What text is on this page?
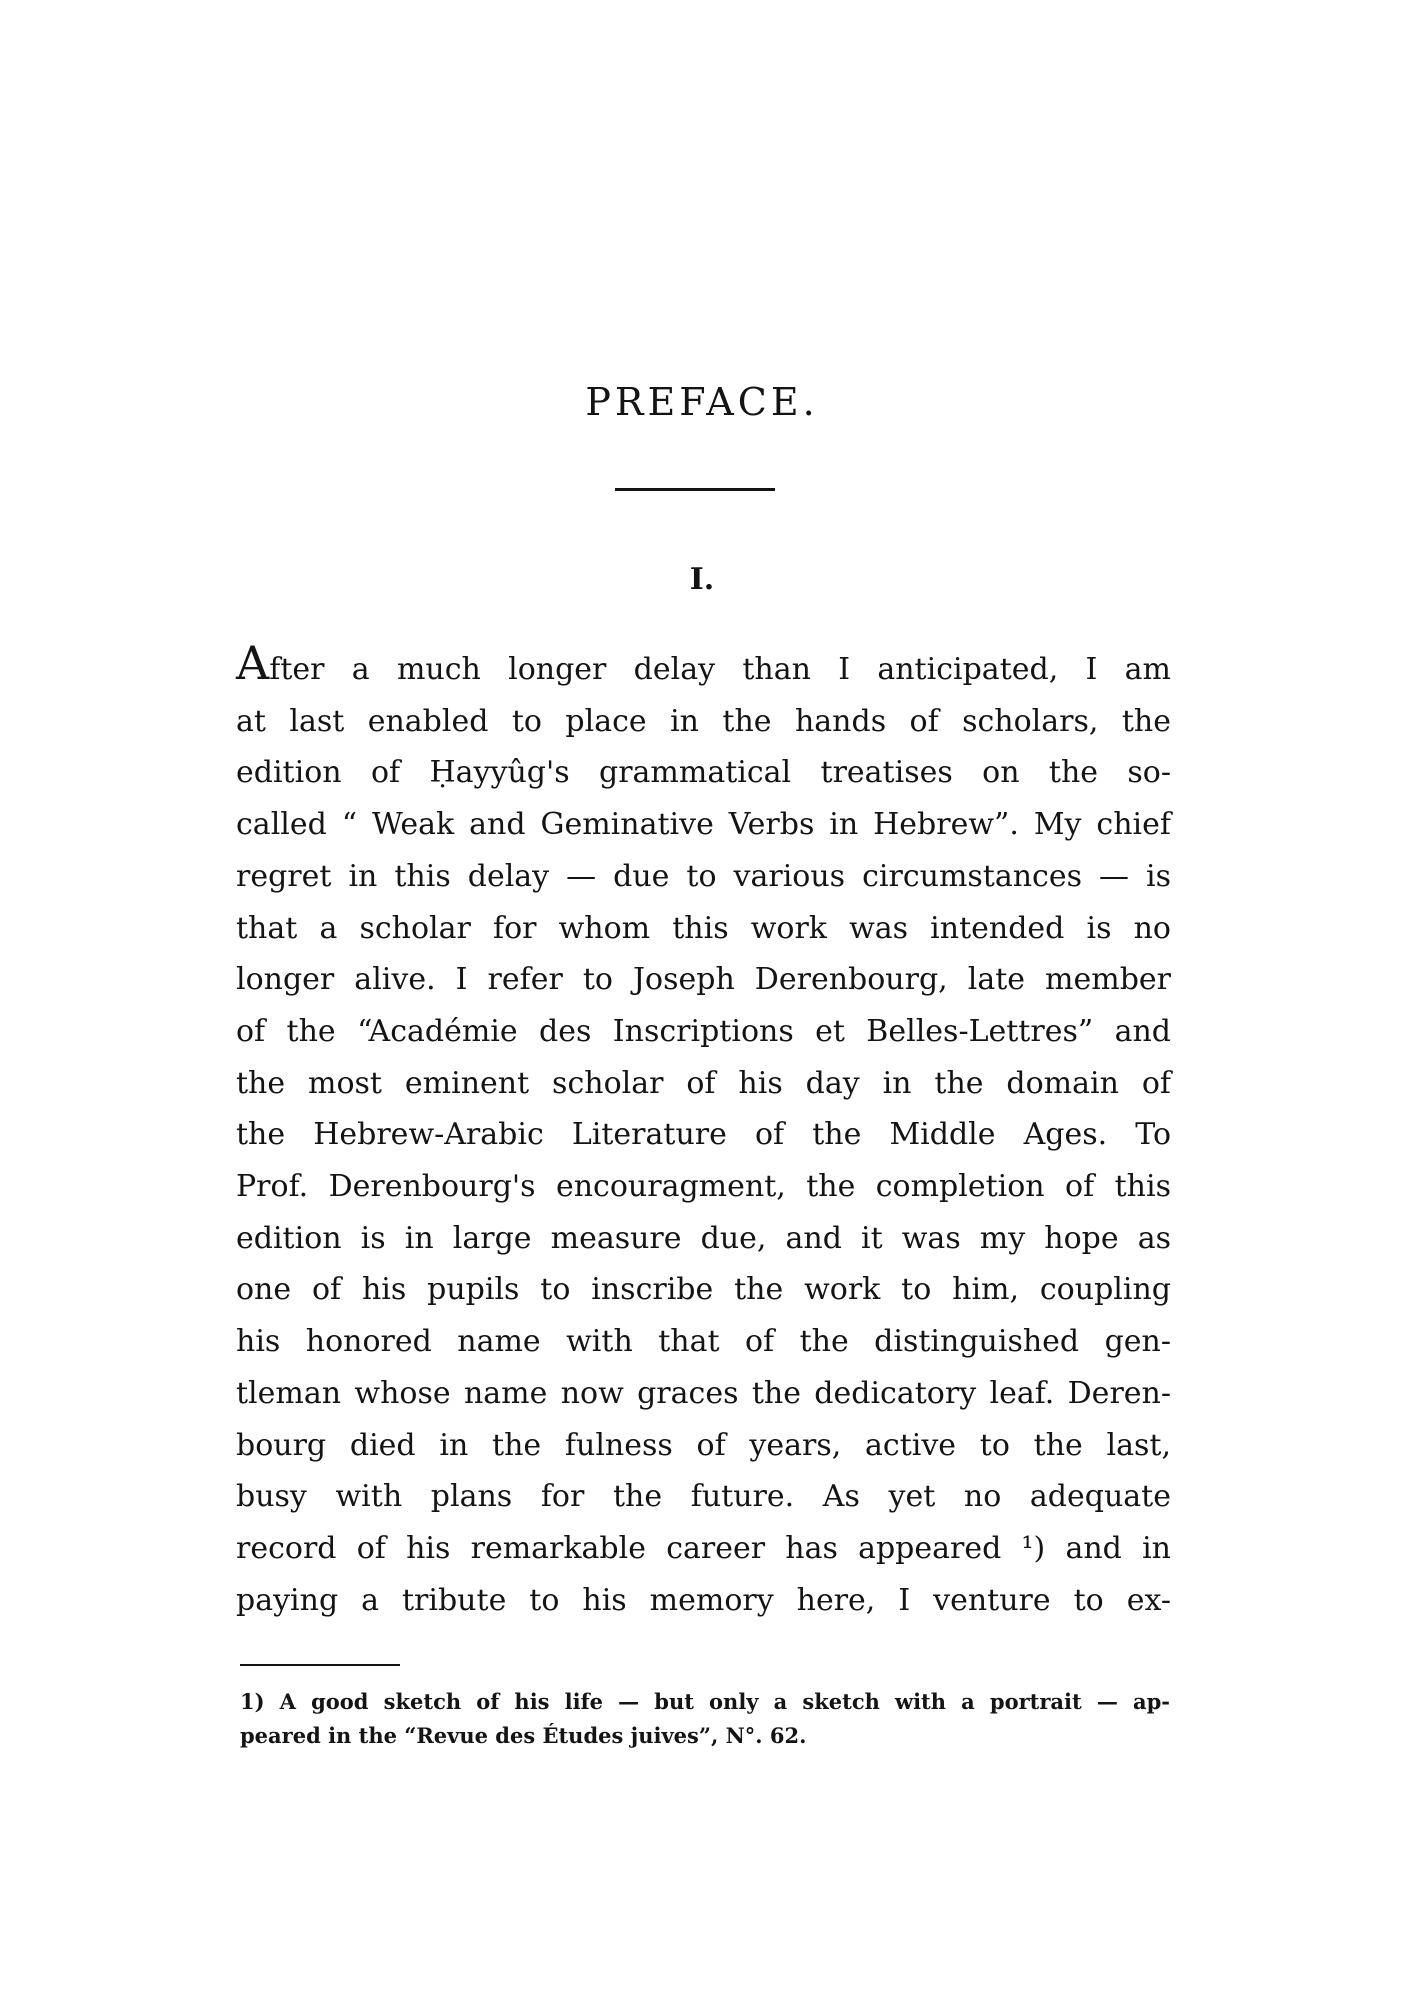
PREFACE.
I.
After a much longer delay than I anticipated, I am
at last enabled to place in the hands of scholars, the
edition of Ḥayyûg's grammatical treatises on the so-
called “ Weak and Geminative Verbs in Hebrew”. My chief
regret in this delay — due to various circumstances — is
that a scholar for whom this work was intended is no
longer alive. I refer to Joseph Derenbourg, late member
of the “Académie des Inscriptions et Belles-Lettres” and
the most eminent scholar of his day in the domain of
the Hebrew-Arabic Literature of the Middle Ages. To
Prof. Derenbourg's encouragment, the completion of this
edition is in large measure due, and it was my hope as
one of his pupils to inscribe the work to him, coupling
his honored name with that of the distinguished gen-
tleman whose name now graces the dedicatory leaf. Deren-
bourg died in the fulness of years, active to the last,
busy with plans for the future. As yet no adequate
record of his remarkable career has appeared ¹) and in
paying a tribute to his memory here, I venture to ex-
1) A good sketch of his life — but only a sketch with a portrait — ap-
peared in the “Revue des Études juives”, N°. 62.
